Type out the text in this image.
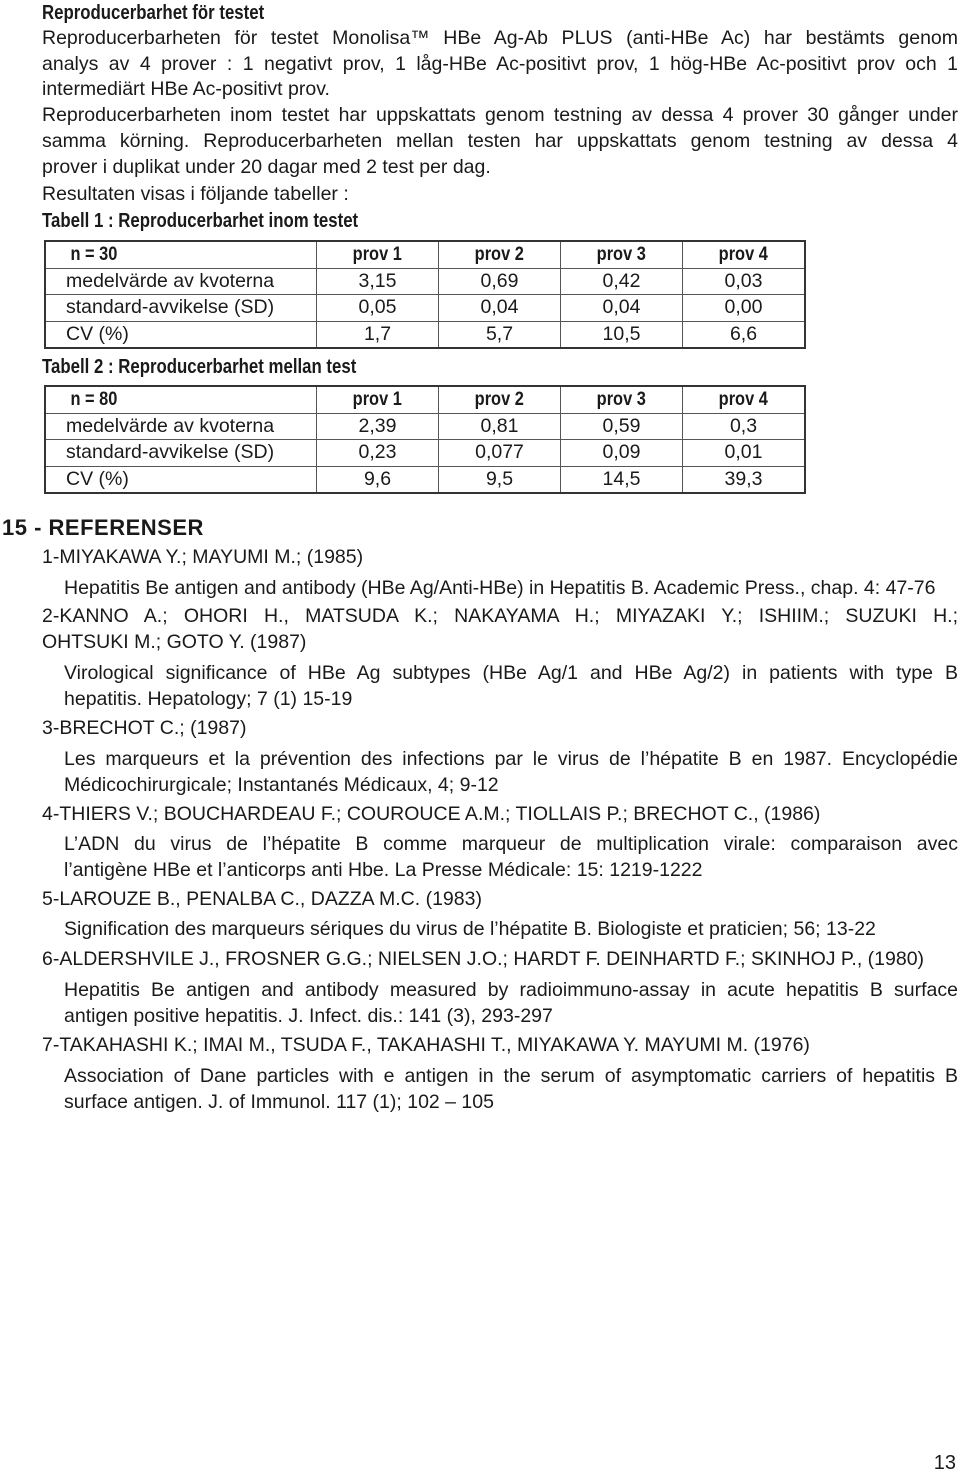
Reproducerbarhet för testet
Reproducerbarheten för testet Monolisa™ HBe Ag-Ab PLUS (anti-HBe Ac) har bestämts genom
analys av 4 prover : 1 negativt prov, 1 låg-HBe Ac-positivt prov, 1 hög-HBe Ac-positivt prov och 1
intermediärt HBe Ac-positivt prov.
Reproducerbarheten inom testet har uppskattats genom testning av dessa 4 prover 30 gånger under
samma körning. Reproducerbarheten mellan testen har uppskattats genom testning av dessa 4
prover i duplikat under 20 dagar med 2 test per dag.
Resultaten visas i följande tabeller :
Tabell 1 : Reproducerbarhet inom testet
n = 30	prov 1	prov 2	prov 3	prov 4
medelvärde av kvoterna	3,15	0,69	0,42	0,03
standard-avvikelse (SD)	0,05	0,04	0,04	0,00
CV (%)	1,7	5,7	10,5	6,6
Tabell 2 : Reproducerbarhet mellan test
n = 80	prov 1	prov 2	prov 3	prov 4
medelvärde av kvoterna	2,39	0,81	0,59	0,3
standard-avvikelse (SD)	0,23	0,077	0,09	0,01
CV (%)	9,6	9,5	14,5	39,3
15 - REFERENSER
1-MIYAKAWA Y.; MAYUMI M.; (1985)
Hepatitis Be antigen and antibody (HBe Ag/Anti-HBe) in Hepatitis B. Academic Press., chap. 4: 47-76
2-KANNO A.; OHORI H., MATSUDA K.; NAKAYAMA H.; MIYAZAKI Y.; ISHIIM.; SUZUKI H.;
OHTSUKI M.; GOTO Y. (1987)
Virological significance of HBe Ag subtypes (HBe Ag/1 and HBe Ag/2) in patients with type B
hepatitis. Hepatology; 7 (1) 15-19
3-BRECHOT C.; (1987)
Les marqueurs et la prévention des infections par le virus de l’hépatite B en 1987. Encyclopédie
Médicochirurgicale; Instantanés Médicaux, 4; 9-12
4-THIERS V.; BOUCHARDEAU F.; COUROUCE A.M.; TIOLLAIS P.; BRECHOT C., (1986)
L’ADN du virus de l’hépatite B comme marqueur de multiplication virale: comparaison avec
l’antigène HBe et l’anticorps anti Hbe. La Presse Médicale: 15: 1219-1222
5-LAROUZE B., PENALBA C., DAZZA M.C. (1983)
Signification des marqueurs sériques du virus de l’hépatite B. Biologiste et praticien; 56; 13-22
6-ALDERSHVILE J., FROSNER G.G.; NIELSEN J.O.; HARDT F. DEINHARTD F.; SKINHOJ P., (1980)
Hepatitis Be antigen and antibody measured by radioimmuno-assay in acute hepatitis B surface
antigen positive hepatitis. J. Infect. dis.: 141 (3), 293-297
7-TAKAHASHI K.; IMAI M., TSUDA F., TAKAHASHI T., MIYAKAWA Y. MAYUMI M. (1976)
Association of Dane particles with e antigen in the serum of asymptomatic carriers of hepatitis B
surface antigen. J. of Immunol. 117 (1); 102 – 105
13
